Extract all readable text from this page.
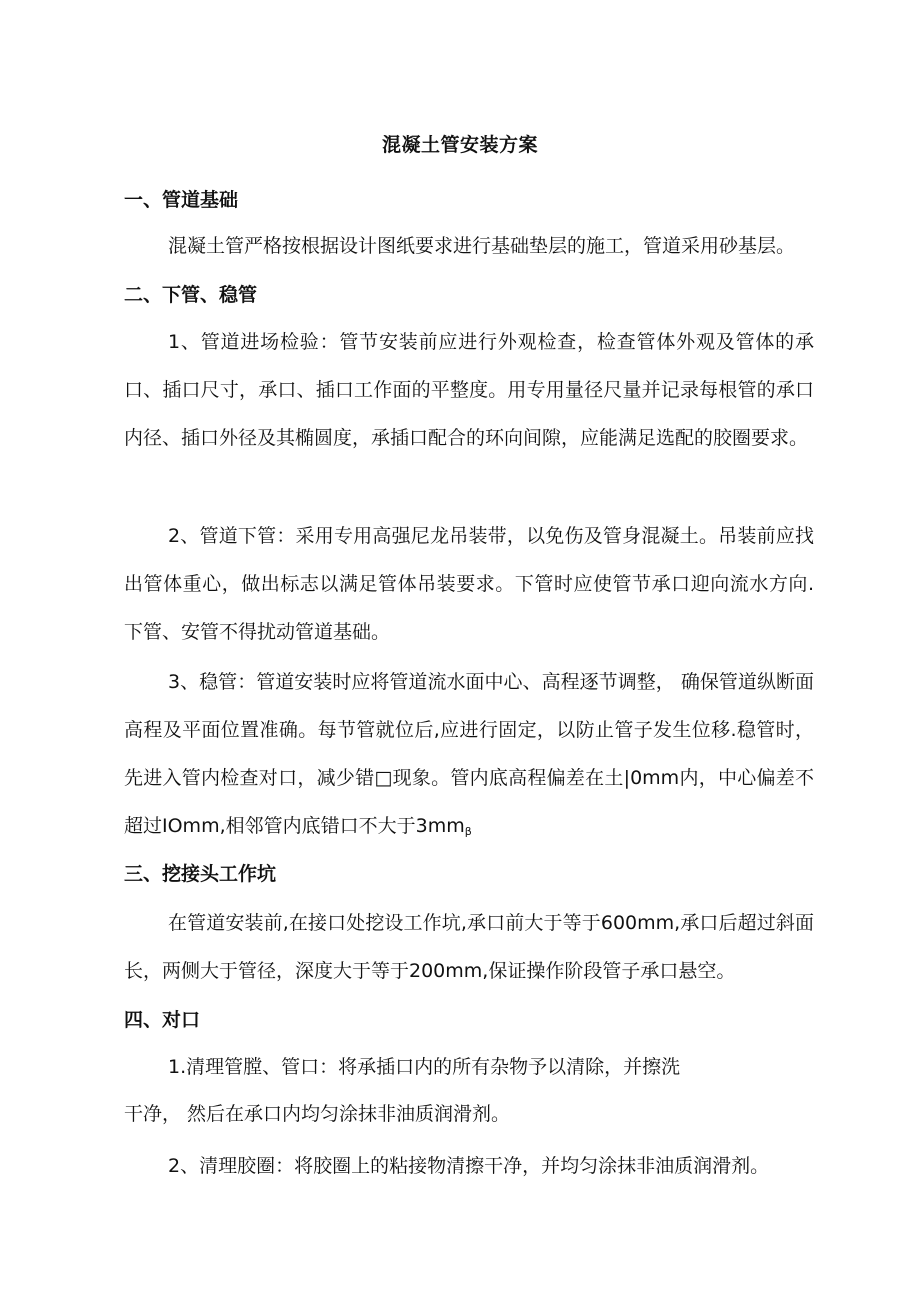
混凝土管安装方案
一、管道基础
混凝土管严格按根据设计图纸要求进行基础垫层的施工，管道采用砂基层。
二、下管、稳管
1、管道进场检验：管节安装前应进行外观检查，检查管体外观及管体的承口、插口尺寸，承口、插口工作面的平整度。用专用量径尺量并记录每根管的承口内径、插口外径及其椭圆度，承插口配合的环向间隙，应能满足选配的胶圈要求。
2、管道下管：采用专用高强尼龙吊装带，以免伤及管身混凝土。吊装前应找出管体重心，做出标志以满足管体吊装要求。下管时应使管节承口迎向流水方向.下管、安管不得扰动管道基础。
3、稳管：管道安装时应将管道流水面中心、高程逐节调整， 确保管道纵断面高程及平面位置准确。每节管就位后,应进行固定，以防止管子发生位移.稳管时，先进入管内检查对口，减少错□现象。管内底高程偏差在土|0mm内，中心偏差不超过IOmm,相邻管内底错口不大于$3mm_\beta$
三、挖接头工作坑
在管道安装前,在接口处挖设工作坑,承口前大于等于600mm,承口后超过斜面长，两侧大于管径，深度大于等于200mm,保证操作阶段管子承口悬空。
四、对口
1.清理管膛、管口：将承插口内的所有杂物予以清除，并擦洗
干净， 然后在承口内均匀涂抹非油质润滑剂。
2、清理胶圈：将胶圈上的粘接物清擦干净，并均匀涂抹非油质润滑剂。
